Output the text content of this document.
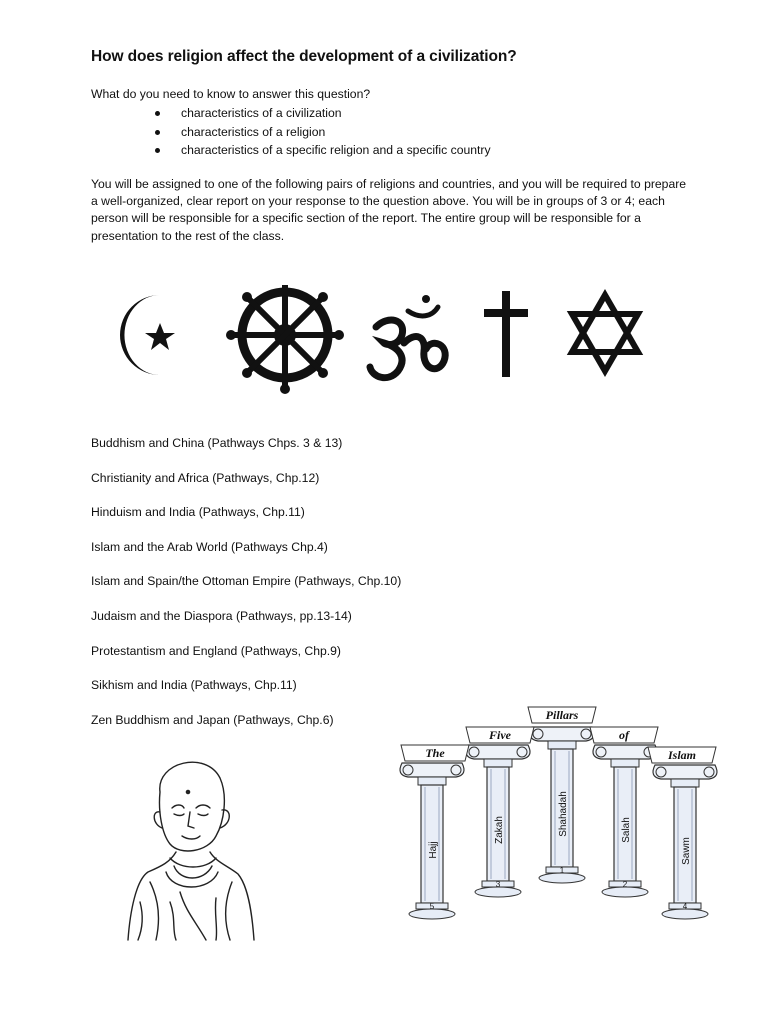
How does religion affect the development of a civilization?
What do you need to know to answer this question?
characteristics of a civilization
characteristics of a religion
characteristics of a specific religion and a specific country
You will be assigned to one of the following pairs of religions and countries, and you will be required to prepare a well-organized, clear report on your response to the question above. You will be in groups of 3 or 4; each person will be responsible for a specific section of the report. The entire group will be responsible for a presentation to the rest of the class.
Buddhism and China (Pathways Chps. 3 & 13)
Christianity and Africa (Pathways, Chp.12)
Hinduism and India (Pathways, Chp.11)
Islam and the Arab World (Pathways Chp.4)
Islam and Spain/the Ottoman Empire (Pathways, Chp.10)
Judaism and the Diaspora (Pathways, pp.13-14)
Protestantism and England (Pathways, Chp.9)
Sikhism and India (Pathways, Chp.11)
Zen Buddhism and Japan (Pathways, Chp.6)
Hajj
5
Zakah
3
Shahadah
1
Salah
2
Sawm
4
The
Five
Pillars
of
Islam
